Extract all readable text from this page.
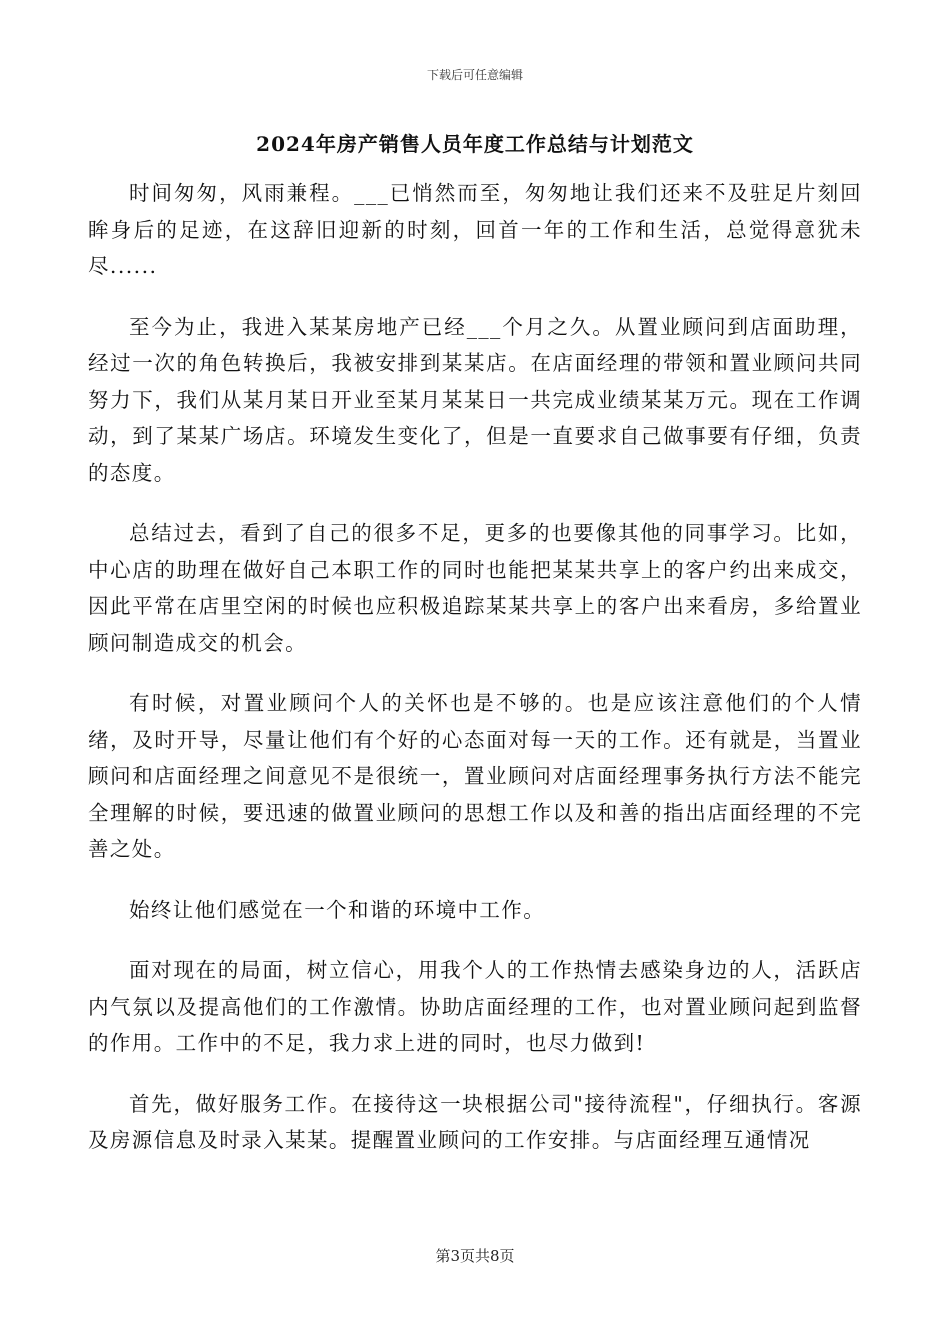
下载后可任意编辑
2024年房产销售人员年度工作总结与计划范文

时间匆匆，风雨兼程。___已悄然而至，匆匆地让我们还来不及驻足片刻回眸身后的足迹，在这辞旧迎新的时刻，回首一年的工作和生活，总觉得意犹未尽......

至今为止，我进入某某房地产已经___个月之久。从置业顾问到店面助理，经过一次的角色转换后，我被安排到某某店。在店面经理的带领和置业顾问共同努力下，我们从某月某日开业至某月某某日一共完成业绩某某万元。现在工作调动，到了某某广场店。环境发生变化了，但是一直要求自己做事要有仔细，负责的态度。

总结过去，看到了自己的很多不足，更多的也要像其他的同事学习。比如，中心店的助理在做好自己本职工作的同时也能把某某共享上的客户约出来成交，因此平常在店里空闲的时候也应积极追踪某某共享上的客户出来看房，多给置业顾问制造成交的机会。

有时候，对置业顾问个人的关怀也是不够的。也是应该注意他们的个人情绪，及时开导，尽量让他们有个好的心态面对每一天的工作。还有就是，当置业顾问和店面经理之间意见不是很统一，置业顾问对店面经理事务执行方法不能完全理解的时候，要迅速的做置业顾问的思想工作以及和善的指出店面经理的不完善之处。

始终让他们感觉在一个和谐的环境中工作。

面对现在的局面，树立信心，用我个人的工作热情去感染身边的人，活跃店内气氛以及提高他们的工作激情。协助店面经理的工作，也对置业顾问起到监督的作用。工作中的不足，我力求上进的同时，也尽力做到!

首先，做好服务工作。在接待这一块根据公司"接待流程"，仔细执行。客源及房源信息及时录入某某。提醒置业顾问的工作安排。与店面经理互通情况

第3页共8页
